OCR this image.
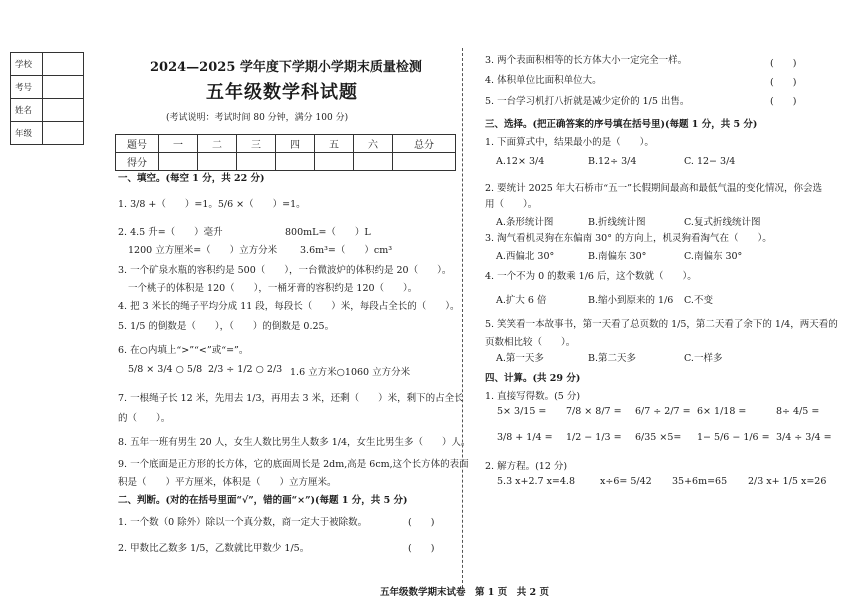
学校	
考号	
姓名	
年级	
2024—2025 学年度下学期小学期末质量检测
五年级数学科试题
(考试说明：考试时间 80 分钟，满分 100 分)
题号	一	二	三	四	五	六	总分
得分							
一、填空。(每空 1 分，共 22 分)
1. 3/8 +（　　）=1。5/6 ×（　　）=1。
2. 4.5 升=（　　）毫升	800mL=（　　）L
1200 立方厘米=（　　）立方分米 3.6m³=（　　）cm³
3. 一个矿泉水瓶的容积约是 500（　　），一台微波炉的体积约是 20（　　）。
一个桃子的体积是 120（　　），一桶牙膏的容积约是 120（　　）。
4. 把 3 米长的绳子平均分成 11 段，每段长（　　）米，每段占全长的（　　）。
5. 1/5 的倒数是（　　），（　　）的倒数是 0.25。
6. 在○内填上“>”“<”或“=”。
5/8 × 3/4 ○ 5/8 2/3 ÷ 1/2 ○ 2/3 1.6 立方米○1060 立方分米
7. 一根绳子长 12 米，先用去 1/3，再用去 3 米，还剩（　　）米，剩下的占全长
的（　　）。
8. 五年一班有男生 20 人，女生人数比男生人数多 1/4，女生比男生多（　　）人。
9. 一个底面是正方形的长方体，它的底面周长是 2dm,高是 6cm,这个长方体的表面
积是（　　）平方厘米，体积是（　　）立方厘米。
二、判断。(对的在括号里面“√”，错的画“×”)(每题 1 分，共 5 分)
1. 一个数（0 除外）除以一个真分数，商一定大于被除数。	(　　)
2. 甲数比乙数多 1/5，乙数就比甲数少 1/5。	(　　)
3. 两个表面积相等的长方体大小一定完全一样。	(　　)
4. 体积单位比面积单位大。	(　　)
5. 一台学习机打八折就是减少定价的 1/5 出售。	(　　)
三、选择。(把正确答案的序号填在括号里)(每题 1 分，共 5 分)
1. 下面算式中，结果最小的是（　　）。
A.12× 3/4	B.12÷ 3/4	C. 12− 3/4
2. 要统计 2025 年大石桥市“五一”长假期间最高和最低气温的变化情况，你会选
用（　　）。
A.条形统计图	B.折线统计图	C.复式折线统计图
3. 淘气看机灵狗在东偏南 30° 的方向上，机灵狗看淘气在（　　）。
A.西偏北 30°	B.南偏东 30°	C.南偏东 30°
4. 一个不为 0 的数乘 1/6 后，这个数就（　　）。
A.扩大 6 倍	B.缩小到原来的 1/6 C.不变
5. 笑笑看一本故事书，第一天看了总页数的 1/5，第二天看了余下的 1/4，两天看的
页数相比较（　　）。
A.第一天多	B.第二天多	C.一样多
四、计算。(共 29 分)
1. 直接写得数。(5 分)
5× 3/15 = 7/8 × 8/7 = 6/7 ÷ 2/7 = 6× 1/18 =	8÷ 4/5 =
3/8 + 1/4 = 1/2 − 1/3 = 6/35 ×5= 1− 5/6 − 1/6 = 3/4 ÷ 3/4 =
2. 解方程。(12 分)
5.3 x+2.7 x=4.8	x÷6= 5/42 35+6m=65 2/3 x+ 1/5 x=26
五年级数学期末试卷　第 1 页　共 2 页
